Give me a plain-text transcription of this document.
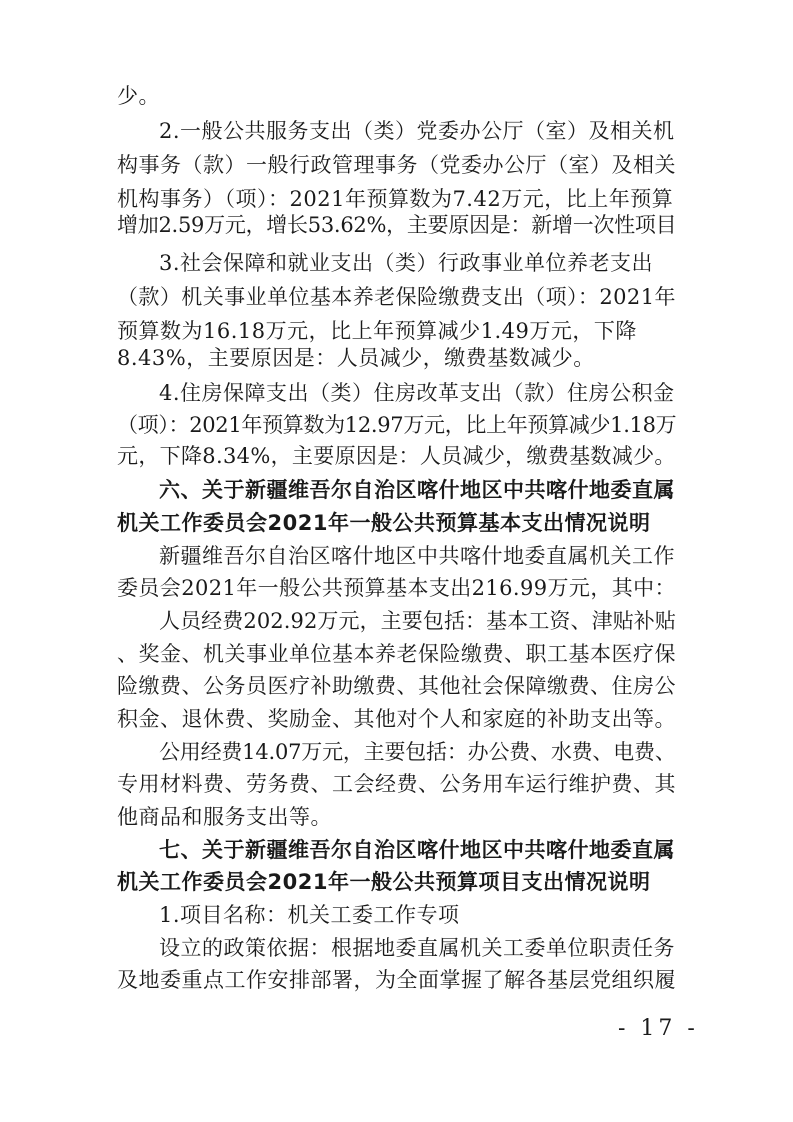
少。
2.一般公共服务支出（类）党委办公厅（室）及相关机
构事务（款）一般行政管理事务（党委办公厅（室）及相关
机构事务）（项）：2021年预算数为7.42万元，比上年预算
增加2.59万元，增长53.62%，主要原因是：新增一次性项目
3.社会保障和就业支出（类）行政事业单位养老支出
（款）机关事业单位基本养老保险缴费支出（项）：2021年
预算数为16.18万元，比上年预算减少1.49万元，下降
8.43%，主要原因是：人员减少，缴费基数减少。
4.住房保障支出（类）住房改革支出（款）住房公积金
（项）：2021年预算数为12.97万元，比上年预算减少1.18万
元，下降8.34%，主要原因是：人员减少，缴费基数减少。
六、关于新疆维吾尔自治区喀什地区中共喀什地委直属
机关工作委员会2021年一般公共预算基本支出情况说明
新疆维吾尔自治区喀什地区中共喀什地委直属机关工作
委员会2021年一般公共预算基本支出216.99万元，其中：
人员经费202.92万元，主要包括：基本工资、津贴补贴
、奖金、机关事业单位基本养老保险缴费、职工基本医疗保
险缴费、公务员医疗补助缴费、其他社会保障缴费、住房公
积金、退休费、奖励金、其他对个人和家庭的补助支出等。
公用经费14.07万元，主要包括：办公费、水费、电费、
专用材料费、劳务费、工会经费、公务用车运行维护费、其
他商品和服务支出等。
七、关于新疆维吾尔自治区喀什地区中共喀什地委直属
机关工作委员会2021年一般公共预算项目支出情况说明
1.项目名称：机关工委工作专项
设立的政策依据：根据地委直属机关工委单位职责任务
及地委重点工作安排部署，为全面掌握了解各基层党组织履
- 17 -
